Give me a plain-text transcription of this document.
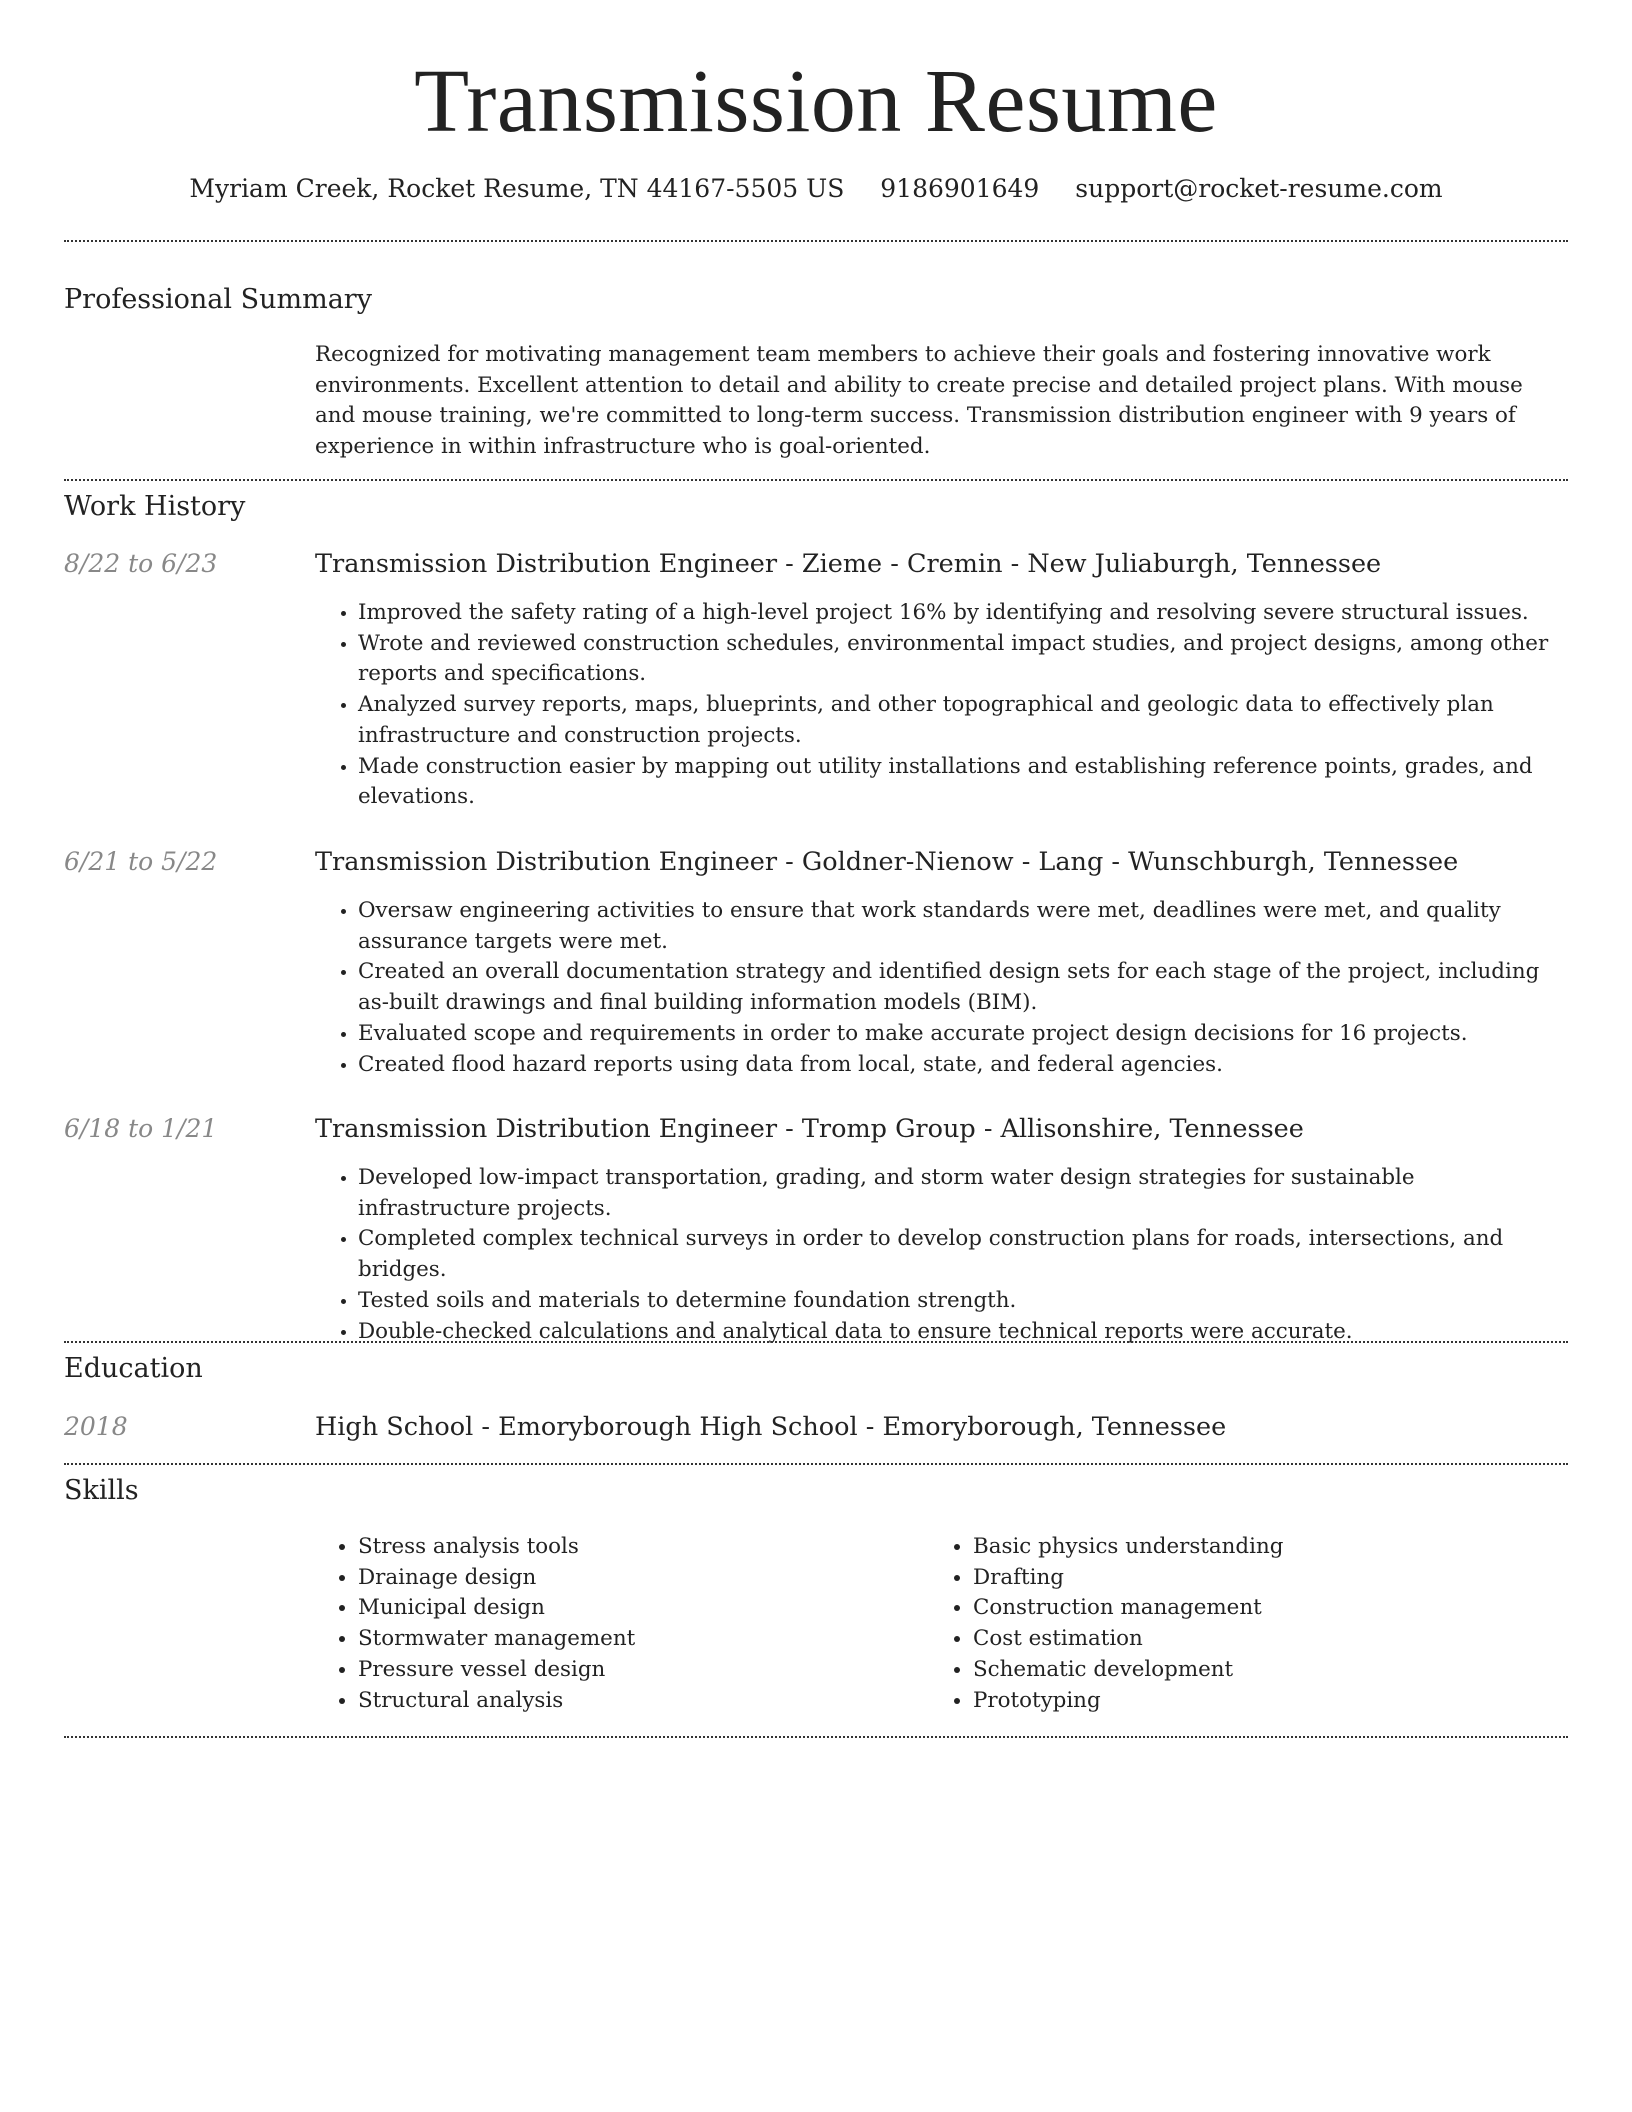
Transmission Resume
Myriam Creek, Rocket Resume, TN 44167-5505 US 9186901649 support@rocket-resume.com
Professional Summary
Recognized for motivating management team members to achieve their goals and fostering innovative work environments. Excellent attention to detail and ability to create precise and detailed project plans. With mouse and mouse training, we're committed to long-term success. Transmission distribution engineer with 9 years of experience in within infrastructure who is goal-oriented.
Work History
8/22 to 6/23	Transmission Distribution Engineer - Zieme - Cremin - New Juliaburgh, Tennessee
• Improved the safety rating of a high-level project 16% by identifying and resolving severe structural issues.
• Wrote and reviewed construction schedules, environmental impact studies, and project designs, among other reports and specifications.
• Analyzed survey reports, maps, blueprints, and other topographical and geologic data to effectively plan infrastructure and construction projects.
• Made construction easier by mapping out utility installations and establishing reference points, grades, and elevations.
6/21 to 5/22	Transmission Distribution Engineer - Goldner-Nienow - Lang - Wunschburgh, Tennessee
• Oversaw engineering activities to ensure that work standards were met, deadlines were met, and quality assurance targets were met.
• Created an overall documentation strategy and identified design sets for each stage of the project, including as-built drawings and final building information models (BIM).
• Evaluated scope and requirements in order to make accurate project design decisions for 16 projects.
• Created flood hazard reports using data from local, state, and federal agencies.
6/18 to 1/21	Transmission Distribution Engineer - Tromp Group - Allisonshire, Tennessee
• Developed low-impact transportation, grading, and storm water design strategies for sustainable infrastructure projects.
• Completed complex technical surveys in order to develop construction plans for roads, intersections, and bridges.
• Tested soils and materials to determine foundation strength.
• Double-checked calculations and analytical data to ensure technical reports were accurate.
Education
2018	High School - Emoryborough High School - Emoryborough, Tennessee
Skills
• Stress analysis tools
• Drainage design
• Municipal design
• Stormwater management
• Pressure vessel design
• Structural analysis
• Basic physics understanding
• Drafting
• Construction management
• Cost estimation
• Schematic development
• Prototyping
